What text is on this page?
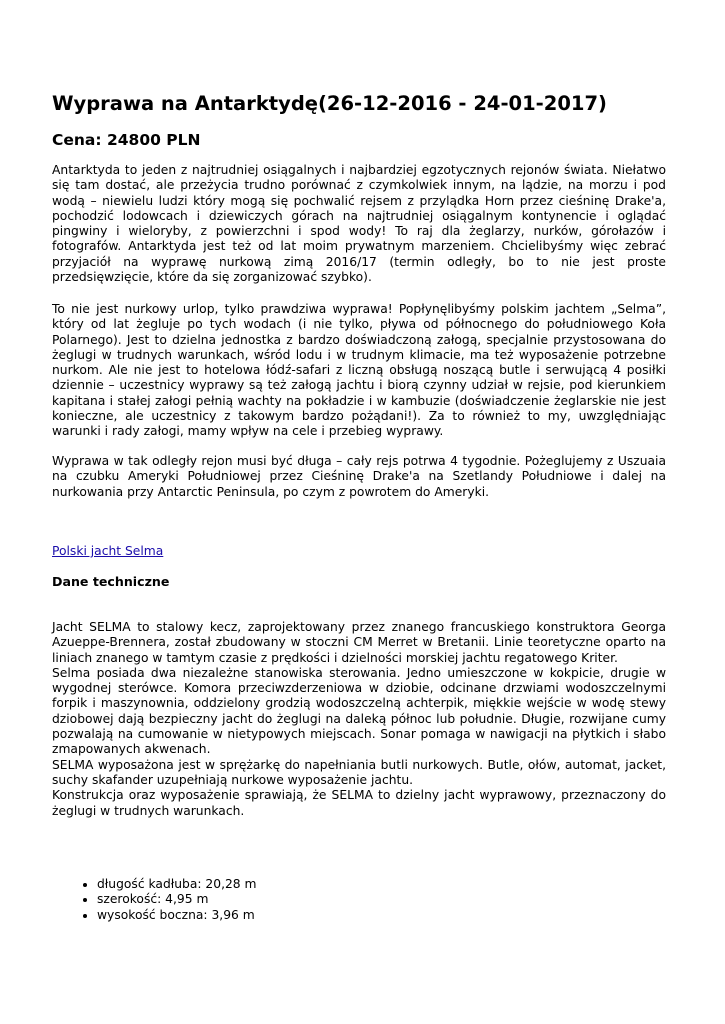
Wyprawa na Antarktydę(26-12-2016 - 24-01-2017)
Cena: 24800 PLN

Antarktyda to jeden z najtrudniej osiągalnych i najbardziej egzotycznych rejonów świata. Niełatwo się tam dostać, ale przeżycia trudno porównać z czymkolwiek innym, na lądzie, na morzu i pod wodą – niewielu ludzi który mogą się pochwalić rejsem z przylądka Horn przez cieśninę Drake'a, pochodzić lodowcach i dziewiczych górach na najtrudniej osiągalnym kontynencie i oglądać pingwiny i wieloryby, z powierzchni i spod wody! To raj dla żeglarzy, nurków, górołazów i fotografów. Antarktyda jest też od lat moim prywatnym marzeniem. Chcielibyśmy więc zebrać przyjaciół na wyprawę nurkową zimą 2016/17 (termin odległy, bo to nie jest proste przedsięwzięcie, które da się zorganizować szybko).

To nie jest nurkowy urlop, tylko prawdziwa wyprawa! Popłynęlibyśmy polskim jachtem „Selma”, który od lat żegluje po tych wodach (i nie tylko, pływa od północnego do południowego Koła Polarnego). Jest to dzielna jednostka z bardzo doświadczoną załogą, specjalnie przystosowana do żeglugi w trudnych warunkach, wśród lodu i w trudnym klimacie, ma też wyposażenie potrzebne nurkom. Ale nie jest to hotelowa łódź-safari z liczną obsługą noszącą butle i serwującą 4 posiłki dziennie – uczestnicy wyprawy są też załogą jachtu i biorą czynny udział w rejsie, pod kierunkiem kapitana i stałej załogi pełnią wachty na pokładzie i w kambuzie (doświadczenie żeglarskie nie jest konieczne, ale uczestnicy z takowym bardzo pożądani!). Za to również to my, uwzględniając warunki i rady załogi, mamy wpływ na cele i przebieg wyprawy.

Wyprawa w tak odległy rejon musi być długa – cały rejs potrwa 4 tygodnie. Pożeglujemy z Uszuaia na czubku Ameryki Południowej przez Cieśninę Drake'a na Szetlandy Południowe i dalej na nurkowania przy Antarctic Peninsula, po czym z powrotem do Ameryki.

Polski jacht Selma
Dane techniczne
Jacht SELMA to stalowy kecz, zaprojektowany przez znanego francuskiego konstruktora Georga Azueppe-Brennera, został zbudowany w stoczni CM Merret w Bretanii. Linie teoretyczne oparto na liniach znanego w tamtym czasie z prędkości i dzielności morskiej jachtu regatowego Kriter.
Selma posiada dwa niezależne stanowiska sterowania. Jedno umieszczone w kokpicie, drugie w wygodnej sterówce. Komora przeciwzderzeniowa w dziobie, odcinane drzwiami wodoszczelnymi forpik i maszynownia, oddzielony grodzią wodoszczelną achterpik, miękkie wejście w wodę stewy dziobowej dają bezpieczny jacht do żeglugi na daleką północ lub południe. Długie, rozwijane cumy pozwalają na cumowanie w nietypowych miejscach. Sonar pomaga w nawigacji na płytkich i słabo zmapowanych akwenach.
SELMA wyposażona jest w sprężarkę do napełniania butli nurkowych. Butle, ołów, automat, jacket, suchy skafander uzupełniają nurkowe wyposażenie jachtu.
Konstrukcja oraz wyposażenie sprawiają, że SELMA to dzielny jacht wyprawowy, przeznaczony do żeglugi w trudnych warunkach.
• długość kadłuba: 20,28 m
• szerokość: 4,95 m
• wysokość boczna: 3,96 m
